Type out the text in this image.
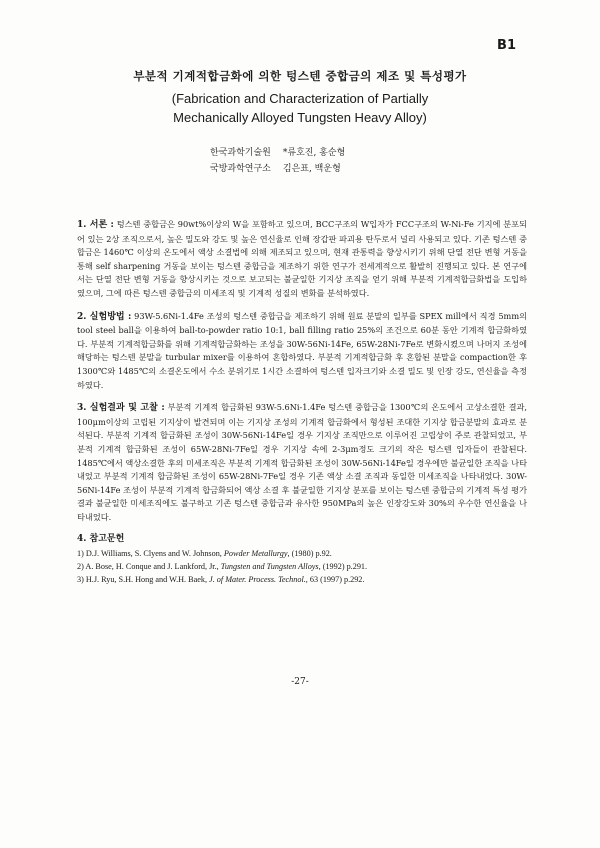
B1
부분적 기계적합금화에 의한 텅스텐 중합금의 제조 및 특성평가
(Fabrication and Characterization of Partially
Mechanically Alloyed Tungsten Heavy Alloy)
한국과학기술원 *류호진, 홍순형
국방과학연구소 김은표, 백운형
1. 서론 : 텅스텐 중합금은 90wt%이상의 W을 포함하고 있으며, BCC구조의 W입자가 FCC구조의 W-Ni-Fe 기지에 분포되어 있는 2상 조직으로서, 높은 밀도와 강도 및 높은 연신율로 인해 장갑판 파괴용 탄두로서 널리 사용되고 있다. 기존 텅스텐 중합금은 1460℃ 이상의 온도에서 액상 소결법에 의해 제조되고 있으며, 현재 관통력을 향상시키기 위해 단열 전단 변형 거동을 통해 self sharpening 거동을 보이는 텅스텐 중합금을 제조하기 위한 연구가 전세계적으로 활발히 진행되고 있다. 본 연구에서는 단열 전단 변형 거동을 향상시키는 것으로 보고되는 불균일한 기지상 조직을 얻기 위해 부분적 기계적합금화법을 도입하였으며, 그에 따른 텅스텐 중합금의 미세조직 및 기계적 성질의 변화를 분석하였다.
2. 실험방법 : 93W-5.6Ni-1.4Fe 조성의 텅스텐 중합금을 제조하기 위해 원료 분말의 일부를 SPEX mill에서 직경 5mm의 tool steel ball을 이용하여 ball-to-powder ratio 10:1, ball filling ratio 25%의 조건으로 60분 동안 기계적 합금화하였다. 부분적 기계적합금화를 위해 기계적합금화하는 조성을 30W-56Ni-14Fe, 65W-28Ni-7Fe로 변화시켰으며 나머지 조성에 해당하는 텅스텐 분말을 turbular mixer를 이용하여 혼합하였다. 부분적 기계적합금화 후 혼합된 분말을 compaction한 후 1300℃와 1485℃의 소결온도에서 수소 분위기로 1시간 소결하여 텅스텐 입자크기와 소결 밀도 및 인장 강도, 연신율을 측정하였다.
3. 실험결과 및 고찰 : 부분적 기계적 합금화된 93W-5.6Ni-1.4Fe 텅스텐 중합금을 1300℃의 온도에서 고상소결한 결과, 100μm이상의 고립된 기지상이 발견되며 이는 기지상 조성의 기계적 합금화에서 형성된 조대한 기지상 합금분말의 효과로 분석된다. 부분적 기계적 합금화된 조성이 30W-56Ni-14Fe일 경우 기지상 조직만으로 이루어진 고립상이 주로 관찰되었고, 부분적 기계적 합금화된 조성이 65W-28Ni-7Fe일 경우 기지상 속에 2-3μm정도 크기의 작은 텅스텐 입자들이 관찰된다. 1485℃에서 액상소결한 후의 미세조직은 부분적 기계적 합금화된 조성이 30W-56Ni-14Fe일 경우에만 불균일한 조직을 나타내었고 부분적 기계적 합금화된 조성이 65W-28Ni-7Fe일 경우 기존 액상 소결 조직과 동일한 미세조직을 나타내었다. 30W-56Ni-14Fe 조성이 부분적 기계적 합금화되어 액상 소결 후 불균일한 기지상 분포를 보이는 텅스텐 중합금의 기계적 특성 평가 결과 불균일한 미세조직에도 불구하고 기존 텅스텐 중합금과 유사한 950MPa의 높은 인장강도와 30%의 우수한 연신율을 나타내었다.
4. 참고문헌
1) D.J. Williams, S. Clyens and W. Johnson, Powder Metallurgy, (1980) p.92.
2) A. Bose, H. Conque and J. Lankford, Jr., Tungsten and Tungsten Alloys, (1992) p.291.
3) H.J. Ryu, S.H. Hong and W.H. Baek, J. of Mater. Process. Technol., 63 (1997) p.292.
-27-
